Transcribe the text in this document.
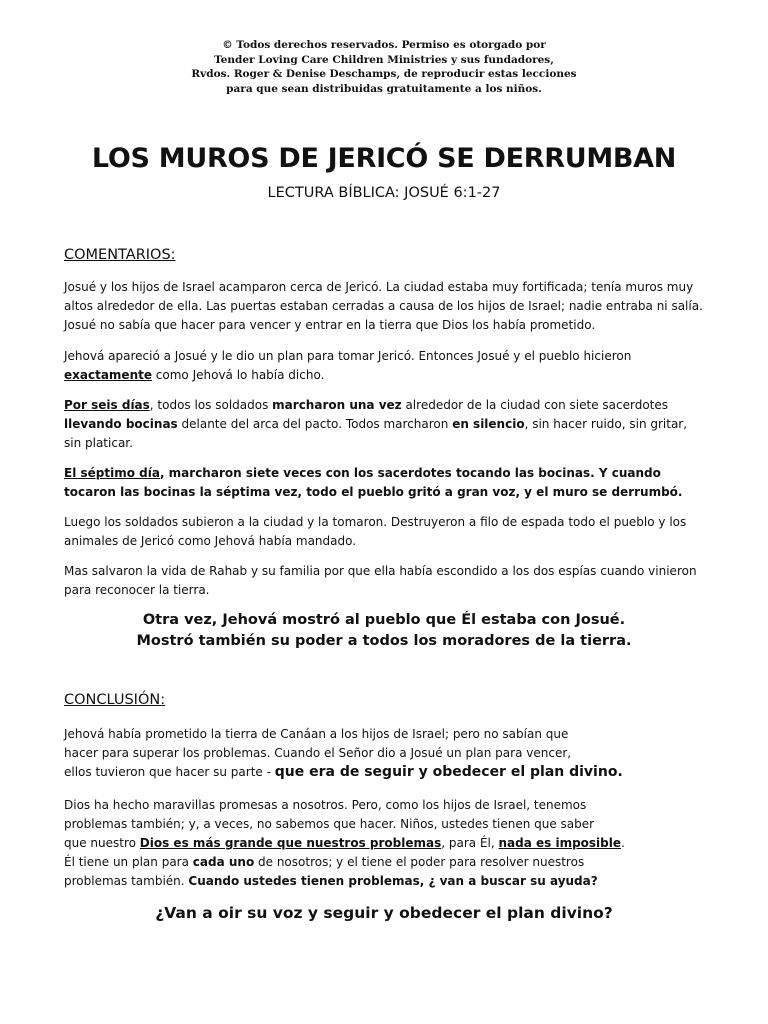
© Todos derechos reservados. Permiso es otorgado por
Tender Loving Care Children Ministries y sus fundadores,
Rvdos. Roger & Denise Deschamps, de reproducir estas lecciones
para que sean distribuidas gratuitamente a los niños.
LOS MUROS DE JERICÓ SE DERRUMBAN
LECTURA BÍBLICA: JOSUÉ 6:1-27
COMENTARIOS:
Josué y los hijos de Israel acamparon cerca de Jericó. La ciudad estaba muy fortificada; tenía muros muy
altos alrededor de ella. Las puertas estaban cerradas a causa de los hijos de Israel; nadie entraba ni salía.
Josué no sabía que hacer para vencer y entrar en la tierra que Dios los había prometido.
Jehová apareció a Josué y le dio un plan para tomar Jericó. Entonces Josué y el pueblo hicieron
exactamente como Jehová lo había dicho.
Por seis días, todos los soldados marcharon una vez alrededor de la ciudad con siete sacerdotes
llevando bocinas delante del arca del pacto. Todos marcharon en silencio, sin hacer ruido, sin gritar,
sin platicar.
El séptimo día, marcharon siete veces con los sacerdotes tocando las bocinas. Y cuando
tocaron las bocinas la séptima vez, todo el pueblo gritó a gran voz, y el muro se derrumbó.
Luego los soldados subieron a la ciudad y la tomaron. Destruyeron a filo de espada todo el pueblo y los
animales de Jericó como Jehová había mandado.
Mas salvaron la vida de Rahab y su familia por que ella había escondido a los dos espías cuando vinieron
para reconocer la tierra.
Otra vez, Jehová mostró al pueblo que Él estaba con Josué.
Mostró también su poder a todos los moradores de la tierra.
CONCLUSIÓN:
Jehová había prometido la tierra de Canáan a los hijos de Israel; pero no sabían que
hacer para superar los problemas. Cuando el Señor dio a Josué un plan para vencer,
ellos tuvieron que hacer su parte - que era de seguir y obedecer el plan divino.
Dios ha hecho maravillas promesas a nosotros. Pero, como los hijos de Israel, tenemos
problemas también; y, a veces, no sabemos que hacer. Niños, ustedes tienen que saber
que nuestro Dios es más grande que nuestros problemas, para Él, nada es imposible.
Él tiene un plan para cada uno de nosotros; y el tiene el poder para resolver nuestros
problemas también. Cuando ustedes tienen problemas, ¿ van a buscar su ayuda?
¿Van a oir su voz y seguir y obedecer el plan divino?
